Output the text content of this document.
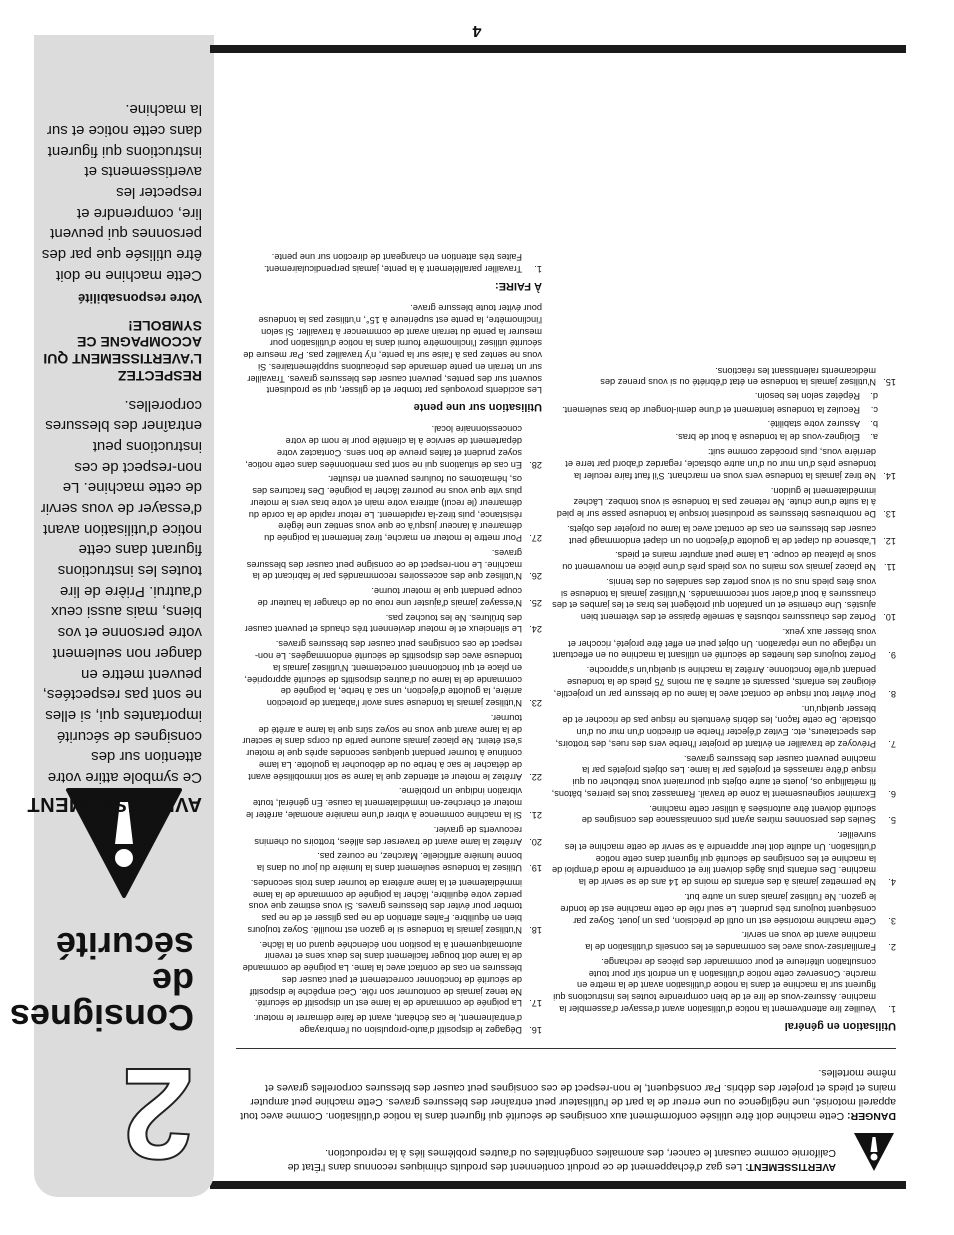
2
Consignes
de
sécurité
AVERTISSEMENT

Ce symbole attire votre attention sur des consignes de sécurité importantes qui, si elles ne sont pas respectées, peuvent mettre en danger non seulement votre personne et vos biens, mais aussi ceux d'autrui. Prière de lire toutes les instructions figurant dans cette notice d'utilisation avant d'essayer de vous servir de cette machine. Le non-respect de ces instructions peut entraîner des blessures corporelles.

RESPECTEZ L'AVERTISSEMENT QUI ACCOMPAGNE CE SYMBOLE!
Votre responsabilité

Cette machine ne doit être utilisée que par des personnes qui peuvent lire, comprendre et respecter les avertissements et instructions qui figurent dans cette notice et sur la machine.

AVERTISSEMENT: Les gaz d'échappement de ce produit contiennent des produits chimiques reconnus dans l'État de Californie comme causant le cancer, des anomalies congénitales ou d'autres problèmes liés à la reproduction.
DANGER: Cette machine doit être utilisée conformément aux consignes de sécurité qui figurent dans la notice d'utilisation. Comme avec tout appareil motorisé, une négligence ou une erreur de la part de l'utilisateur peut entraîner des blessures graves. Cette machine peut amputer mains et pieds et projeter des débris. Par conséquent, le non-respect de ces consignes peut causer des blessures corporelles graves et même mortelles.
Utilisation en général
1.
Veuillez lire attentivement la notice d'utilisation avant d'essayer d'assembler la machine. Assurez-vous de lire et de bien comprendre toutes les instructions qui figurent sur la machine et dans la notice d'utilisation avant de la mettre en marche. Conservez cette notice d'utilisation à un endroit sûr pour toute consultation ultérieure et pour commander des pièces de rechange.
2.
Familiarisez-vous avec les commandes et les conseils d'utilisation de la machine avant de vous en servir.
3.
Cette machine motorisée est un outil de précision, pas un jouet. Soyez par conséquent toujours très prudent. Le seul rôle de cette machine est de tondre le gazon. Ne l'utilisez jamais dans un autre but.
4.
Ne permettez jamais à des enfants de moins de 14 ans de se servir de la machine. Des enfants plus âgés doivent lire et comprendre le mode d'emploi de la machine et les consignes de sécurité qui figurent dans cette notice d'utilisation. Un adulte doit leur apprendre à se servir de cette machine et les surveiller.
5.
Seules des personnes mûres ayant pris connaissance des consignes de sécurité doivent être autorisées à utiliser cette machine.
6.
Examiner soigneusement la zone de travail. Ramassez tous les pierres, bâtons, fil métallique os, jouets et autre objets qui pourraient vous trébucher ou qui risque d'être ramassés et projetés par la lame. Les objets projetés par la machine peuvent causer des blessures graves.
7.
Prévoyez de travailler en évitant de projeter l'herbe vers des rues, des trottoirs, des spectateurs, etc. Evitez d'éjecter l'herbe en direction d'un mur ou d'un obstacle. De cette façon, les débris éventuels ne risque pas de ricocher et de blesser quelqu'un.
8.
Pour éviter tout risque de contact avec la lame ou de blessure par un projectile, éloignez les enfants, passants et autres à au moins 75 pieds de la tondeuse pendant qu'elle fonctionne. Arrêtez la machine si quelqu'un s'approche.
9.
Portez toujours des lunettes de sécurité en utilisant la machine ou en effectuant un réglage ou une réparation. Un objet peut en effet être projeté, ricocher et vous blesser aux yeux.
10.
Portez des chaussures robustes à semelle épaisse et des vêtement bien ajustés. Une chemise et un pantalon qui protègent les bras et les jambes et des chaussures à bout d'acier sont recommandés. N'utilisez jamais la tondeuse si vous êtes pieds nus ou si vous portez des sandales ou des tennis.
11.
Ne placez jamais vos mains ou vos pieds près d'une pièce en mouvement ou sous le plateau de coupe. La lame peut amputer mains et pieds.
12.
L'absence du clapet de la goulotte d'éjection ou un clapet endommagé peut causer des blessures en cas de contact avec la lame ou projeter des objets.
13.
De nombreuses blessures se produisent lorsque la tondeuse passe sur le pied à la suite d'une chute. Ne retenez pas la tondeuse si vous tombez. Lâchez immédiatement le guidon.
14.
Ne tirez jamais la tondeuse vers vous en marchant. S'il faut faire reculer la tondeuse près d'un mur ou d'un autre obstacle, regardez d'abord par terre et derrière vous, puis procédez comme suit:
a.
Éloignez-vous de la tondeuse à bout de bras.
b.
Assurez votre stabilité.
c.
Reculez la tondeuse lentement et d'une demi-longeur de bras seulement.
d.
Répétez selon les besoin.
15.
N'utilisez jamais la tondeuse en état d'ébriété ou si vous prenez des médicaments ralentissant les réactions.
16.
Dégagez le dispositif d'auto-propulsion ou l'embrayage d'entraînement, le cas échéant, avant de faire démarrer le moteur.
17.
La poignée de commande de la lame est un dispositif de sécurité. Ne tenez jamais de contourner son rôle. Ceci empêche le dispositif de sécurité de fonctionner correctement et peut causer des blessures en cas de contact avec la lame. La poignée de commande de la lame doit bouger facilement dans les deux sens et revenir automatiquement à la position non éclenchée quand on la lâche.
18.
N'utilisez jamais la tondeuse si le gazon est mouillé. Soyez toujours bien en équilibre. Faites attention de ne pas glisser et de ne pas tomber pour éviter des blessures graves. Si vous estimez que vous perdez votre équilibre, lâcher la poignée de commande de la lame immédiatement et la lame arrêtera de tourner dans trois secondes.
19.
Utilisez la tondeuse seulement dans la lumière du jour ou dans la bonne lumière artificielle. Marchez, ne courez pas.
20.
Arrêtez la lame avant de traverser des allées, trottoirs ou chemins recouverts de gravier.
21.
Si la machine commence à vibrer d'une manière anomale, arrêter le moteur et cherchez-en immédiatement la cause. En général, toute vibration indique un problème.
22.
Arrêtez le moteur et attendez que la lame se soit immobilisée avant de détacher le sac à herbe ou de déboucher la goulotte. La lame continue à tourner pendant quelques secondes après que le moteur s'est éteint. Ne placez jamais aucune partie du corps dans le secteur de la lame avant que vous ne soyez sûrs que la lame a arrêté de tourner.
23.
N'utilisez jamais la tondeuse sans avoir l'abattant de protection arrière, la goulotte d'éjection, un sac à herbe, la poignée de commande de la lame ou d'autres dispositifs de sécurité appropriée, en place et qui fonctionnent correctement. N'utilisez jamais la tondeuse avec des dispositifs de sécurité endommagées. Le non-respect de ces consignes peut causer des blessures graves.
24.
Le silencieux et le moteur deviennent très chauds et peuvent causer des brûlures. Ne les touchez pas.
25.
N'essayez jamais d'ajuster une roue ou de changer la hauteur de coupe pendant que le moteur tourne.
26.
N'utilisez que des accessoires recommandés par le fabricant de la machine. Le non-respect de ce consigne peut causer des blessures graves.
27.
Pour mettre le moteur en marche, tirez lentement la poignée du démarreur à lanceur jusqu'à ce que vous sentiez une légère résistance, puis tirez-la rapidement. Le retour rapide de la corde du démarreur (le recul) attirera votre main et votre bras vers le moteur plus vite que vous ne pourrez lâcher la poignée. Des fractures des os, hématomes ou foulures peuvent en résulter.
28.
En cas de situations qui ne sont pas mentionnées dans cette notice, soyez prudent et faites preuve de bon sens. Contactez votre département de service à la clientèle pour le nom de votre concessionnaire local.
Utilisation sur une pente
Les accidents provoqués par tomber et de glisser, qui se produisent souvent sur des pentes, peuvent causer des blessures graves. Travailler sur un terrain en pente demande des précautions supplémentaires. Si vous ne sentez pas à l'aise sur la pente, n'y travaillez pas. Par mesure de sécurité utilisez l'inclinomètre fourni dans la notice d'utilisation pour mesurer la pente du terrain avant de commencer à travailler. Si selon l'inclinomètre, la pente est supérieure à 15°, n'utilisez pas la tondeuse pour éviter toute blessure grave.
À FAIRE:
1.
Travailler parallèlement à la pente, jamais perpendiculairement. Faites très attention en changeant de direction sur une pente.
4
